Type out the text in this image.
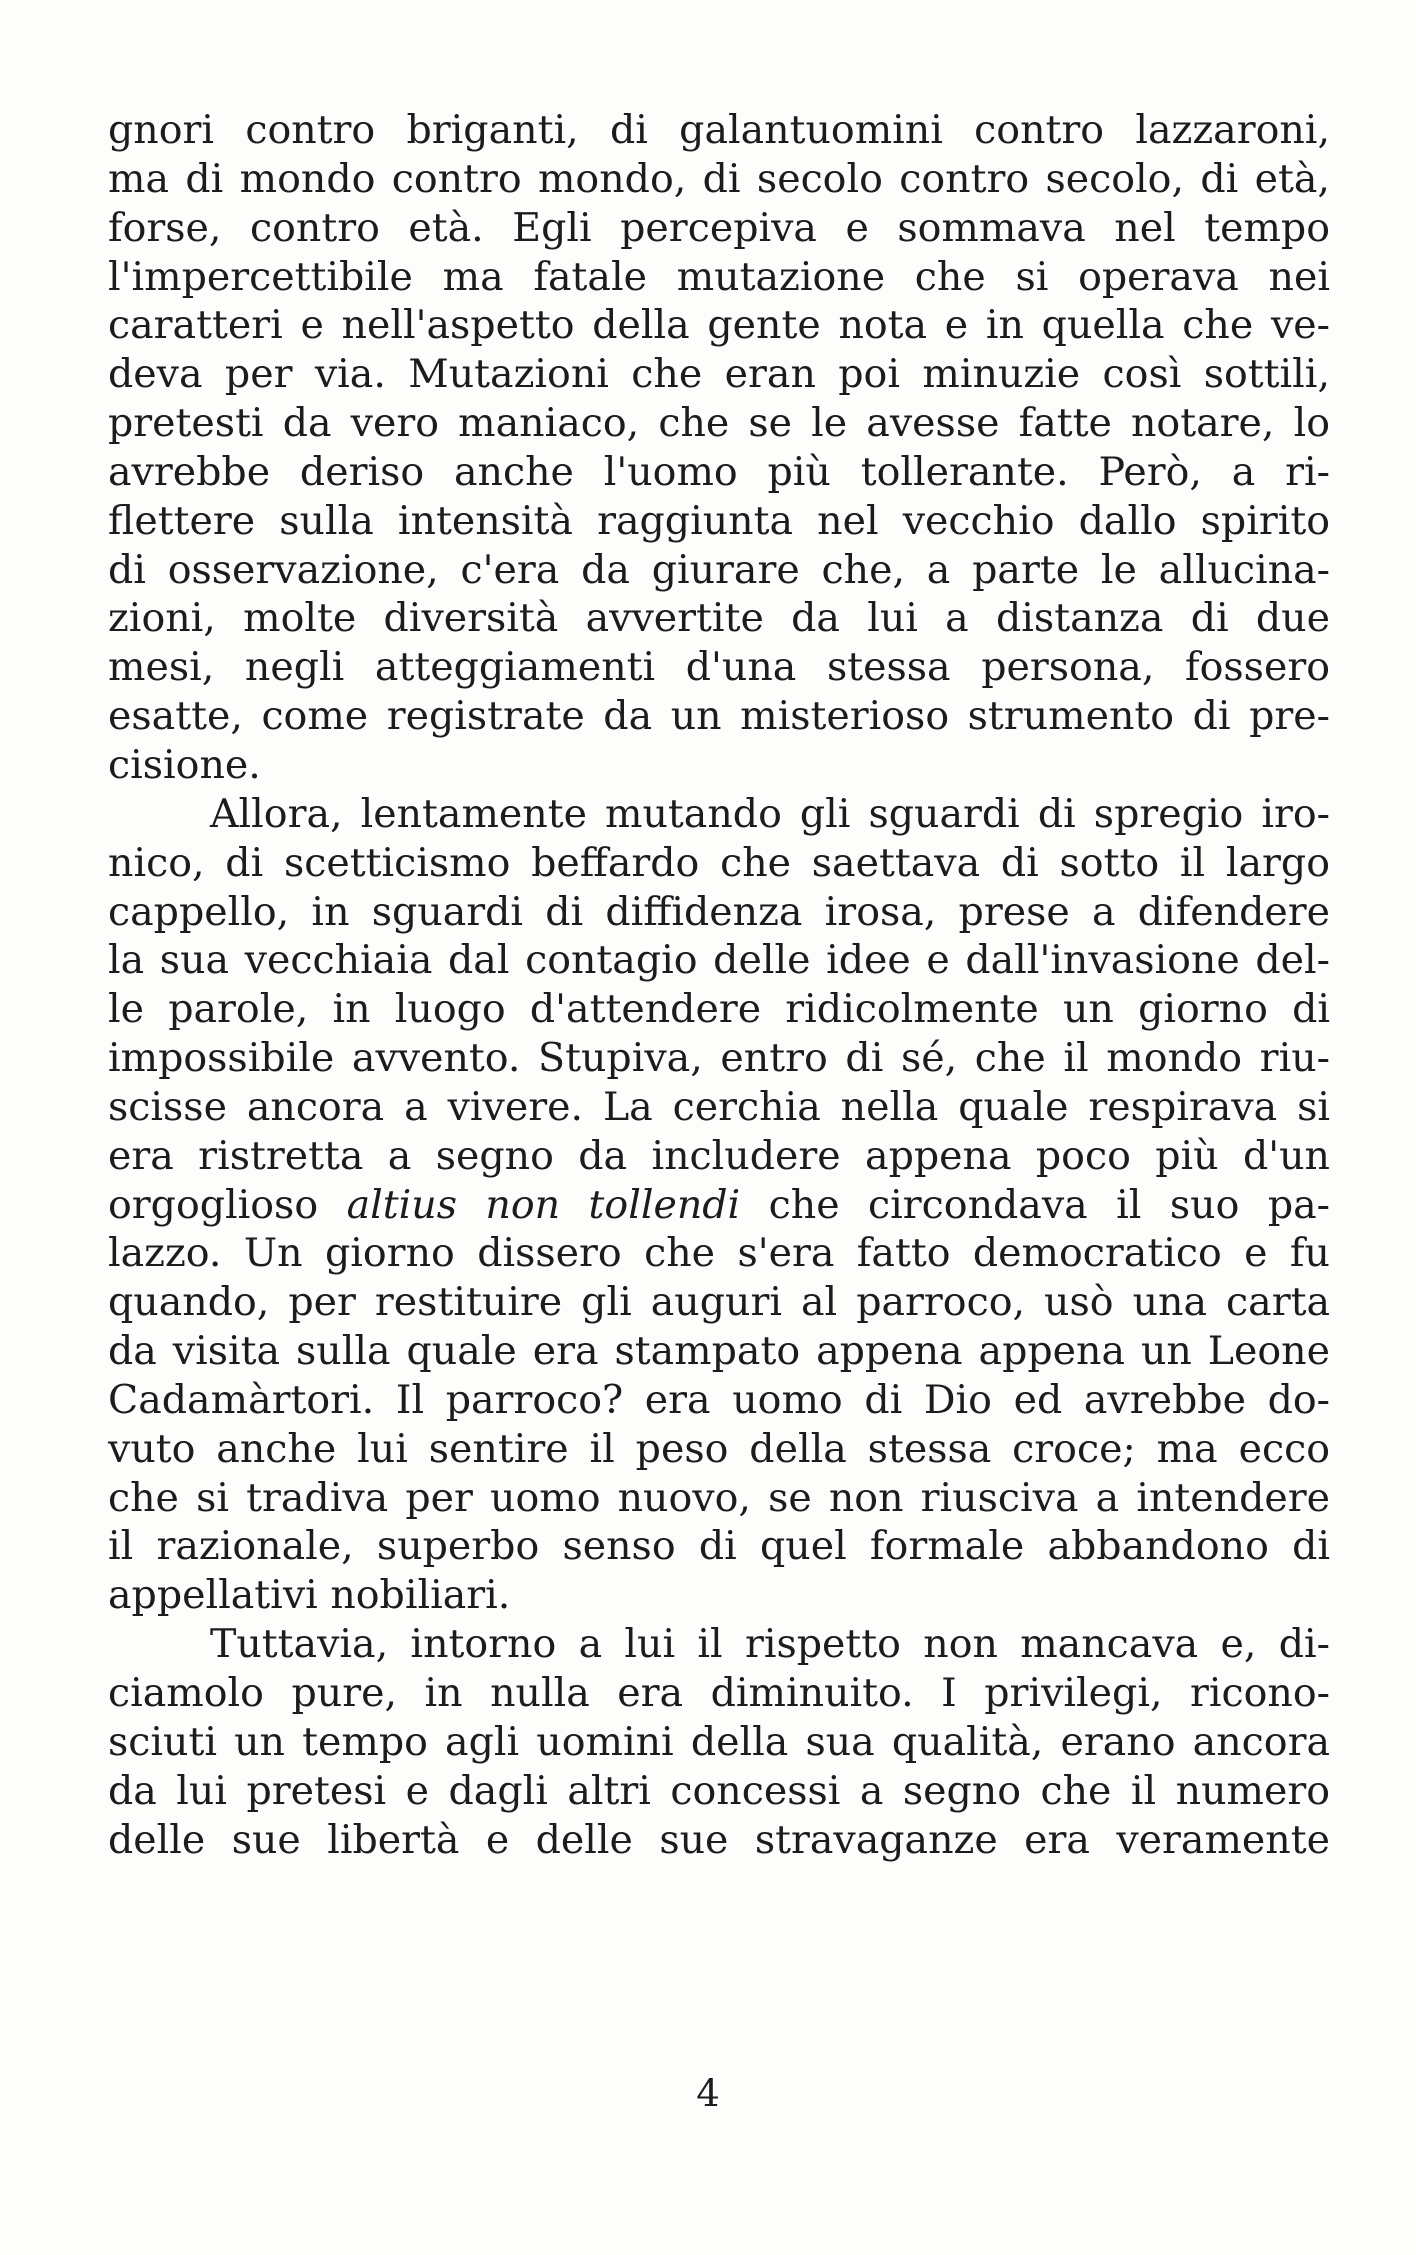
gnori contro briganti, di galantuomini contro lazzaroni,
ma di mondo contro mondo, di secolo contro secolo, di età,
forse, contro età. Egli percepiva e sommava nel tempo
l'impercettibile ma fatale mutazione che si operava nei
caratteri e nell'aspetto della gente nota e in quella che ve-
deva per via. Mutazioni che eran poi minuzie così sottili,
pretesti da vero maniaco, che se le avesse fatte notare, lo
avrebbe deriso anche l'uomo più tollerante. Però, a ri-
flettere sulla intensità raggiunta nel vecchio dallo spirito
di osservazione, c'era da giurare che, a parte le allucina-
zioni, molte diversità avvertite da lui a distanza di due
mesi, negli atteggiamenti d'una stessa persona, fossero
esatte, come registrate da un misterioso strumento di pre-
cisione.
Allora, lentamente mutando gli sguardi di spregio iro-
nico, di scetticismo beffardo che saettava di sotto il largo
cappello, in sguardi di diffidenza irosa, prese a difendere
la sua vecchiaia dal contagio delle idee e dall'invasione del-
le parole, in luogo d'attendere ridicolmente un giorno di
impossibile avvento. Stupiva, entro di sé, che il mondo riu-
scisse ancora a vivere. La cerchia nella quale respirava si
era ristretta a segno da includere appena poco più d'un
orgoglioso altius non tollendi che circondava il suo pa-
lazzo. Un giorno dissero che s'era fatto democratico e fu
quando, per restituire gli auguri al parroco, usò una carta
da visita sulla quale era stampato appena appena un Leone
Cadamàrtori. Il parroco? era uomo di Dio ed avrebbe do-
vuto anche lui sentire il peso della stessa croce; ma ecco
che si tradiva per uomo nuovo, se non riusciva a intendere
il razionale, superbo senso di quel formale abbandono di
appellativi nobiliari.
Tuttavia, intorno a lui il rispetto non mancava e, di-
ciamolo pure, in nulla era diminuito. I privilegi, ricono-
sciuti un tempo agli uomini della sua qualità, erano ancora
da lui pretesi e dagli altri concessi a segno che il numero
delle sue libertà e delle sue stravaganze era veramente
4
